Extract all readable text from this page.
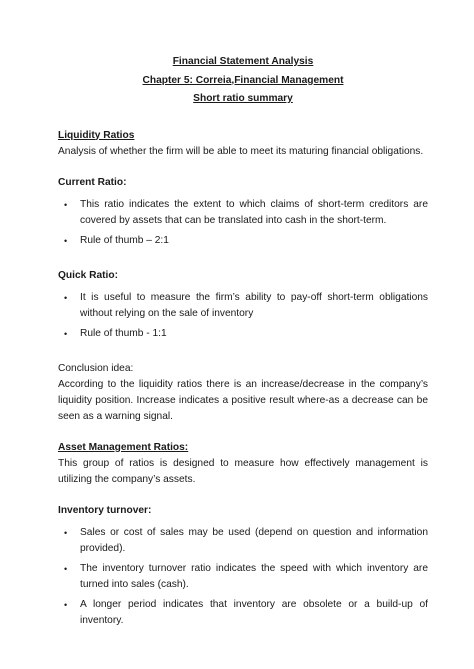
Financial Statement Analysis
Chapter 5: Correia,Financial Management
Short ratio summary

Liquidity Ratios

Analysis of whether the firm will be able to meet its maturing financial obligations.

Current Ratio:

• This ratio indicates the extent to which claims of short-term creditors are covered by assets that can be translated into cash in the short-term.
• Rule of thumb – 2:1

Quick Ratio:

• It is useful to measure the firm’s ability to pay-off short-term obligations without relying on the sale of inventory
• Rule of thumb - 1:1

Conclusion idea:

According to the liquidity ratios there is an increase/decrease in the company’s liquidity position. Increase indicates a positive result where-as a decrease can be seen as a warning signal.

Asset Management Ratios:

This group of ratios is designed to measure how effectively management is utilizing the company’s assets.

Inventory turnover:

• Sales or cost of sales may be used (depend on question and information provided).
• The inventory turnover ratio indicates the speed with which inventory are turned into sales (cash).
• A longer period indicates that inventory are obsolete or a build-up of inventory.
